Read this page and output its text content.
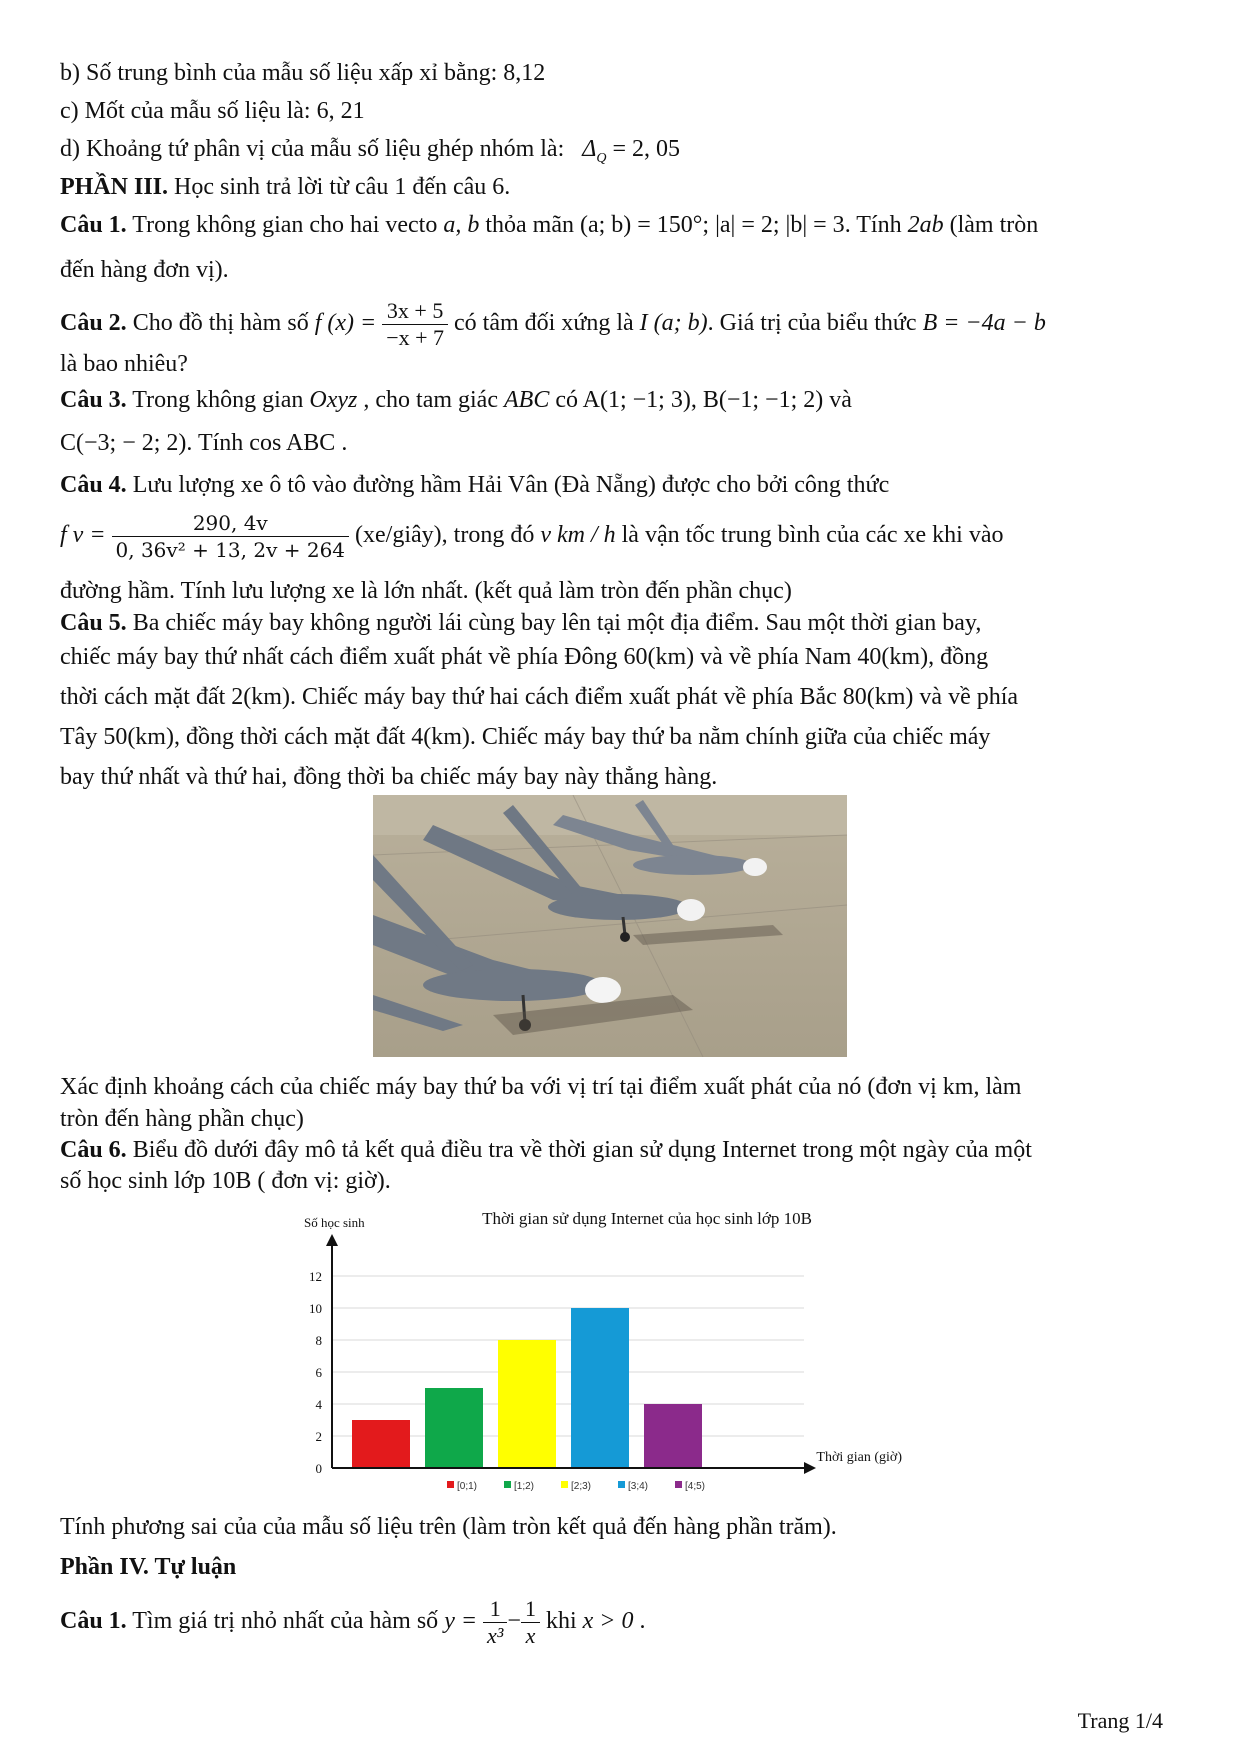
b) Số trung bình của mẫu số liệu xấp xỉ bằng: 8,12
c) Mốt của mẫu số liệu là: 6, 21
d) Khoảng tứ phân vị của mẫu số liệu ghép nhóm là: $\Delta_Q = 2$, 05
PHẦN III. Học sinh trả lời từ câu 1 đến câu 6.
Câu 1. Trong không gian cho hai vecto a, b thỏa mãn (a; b) = 150°; |a| = 2; |b| = 3. Tính 2ab (làm tròn
đến hàng đơn vị).
Câu 2. Cho đồ thị hàm số f $(x) = \frac{3x + 5}{-x + 7}$ có tâm đối xứng là I (a; b). Giá trị của biểu thức B = −4a − b
là bao nhiêu?
Câu 3. Trong không gian Oxyz , cho tam giác ABC có A(1; −1; 3), B(−1; −1; 2) và
C(−3; − 2; 2). Tính cos ABC .
Câu 4. Lưu lượng xe ô tô vào đường hầm Hải Vân (Đà Nẵng) được cho bởi công thức
f $v = \frac{290, 4v}{\text{0, 36v² + 13, 2v + 264}}$ (xe/giây), trong đó v km / h là vận tốc trung bình của các xe khi vào
đường hầm. Tính lưu lượng xe là lớn nhất. (kết quả làm tròn đến phần chục)
Câu 5. Ba chiếc máy bay không người lái cùng bay lên tại một địa điểm. Sau một thời gian bay,
chiếc máy bay thứ nhất cách điểm xuất phát về phía Đông 60(km) và về phía Nam 40(km), đồng
thời cách mặt đất 2(km). Chiếc máy bay thứ hai cách điểm xuất phát về phía Bắc 80(km) và về phía
Tây 50(km), đồng thời cách mặt đất 4(km). Chiếc máy bay thứ ba nằm chính giữa của chiếc máy
bay thứ nhất và thứ hai, đồng thời ba chiếc máy bay này thẳng hàng.
Xác định khoảng cách của chiếc máy bay thứ ba với vị trí tại điểm xuất phát của nó (đơn vị km, làm
tròn đến hàng phần chục)
Câu 6. Biểu đồ dưới đây mô tả kết quả điều tra về thời gian sử dụng Internet trong một ngày của một
số học sinh lớp 10B ( đơn vị: giờ).
Số học sinh	Thời gian sử dụng Internet của học sinh lớp 10B
Thời gian (giờ)
0
2
4
6
8
10
12
[0;1)	[1;2)	[2;3)	[3;4)	[4;5)
Tính phương sai của của mẫu số liệu trên (làm tròn kết quả đến hàng phần trăm).
Phần IV. Tự luận
Câu 1. Tìm giá trị nhỏ nhất của hàm số $y = \frac{1}{\text{x³}} - \frac{1}{x}$ khi x > 0 .
Trang 1/4
